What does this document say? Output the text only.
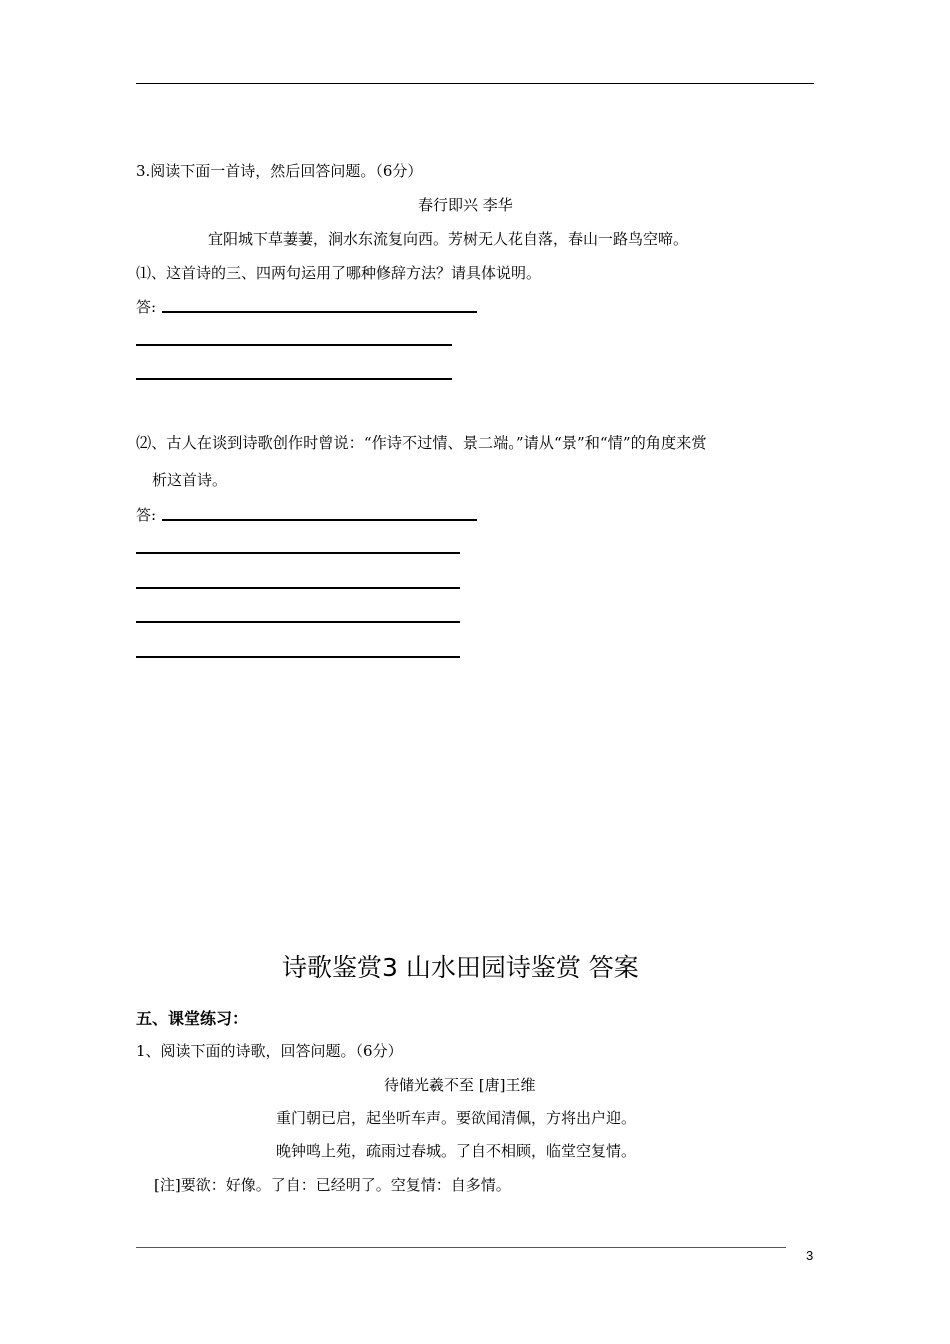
3.阅读下面一首诗，然后回答问题。（6分）
春行即兴 李华
宜阳城下草萋萋，涧水东流复向西。芳树无人花自落，春山一路鸟空啼。
⑴、这首诗的三、四两句运用了哪种修辞方法？请具体说明。
答:
⑵、古人在谈到诗歌创作时曾说：“作诗不过情、景二端。”请从“景”和“情”的角度来赏
析这首诗。
答:
诗歌鉴赏3 山水田园诗鉴赏 答案
五、课堂练习：
1、阅读下面的诗歌，回答问题。（6分）
待储光羲不至 [唐]王维
重门朝已启，起坐听车声。要欲闻清佩，方将出户迎。
晚钟鸣上苑，疏雨过春城。了自不相顾，临堂空复情。
[注]要欲：好像。了自：已经明了。空复情：自多情。
3
